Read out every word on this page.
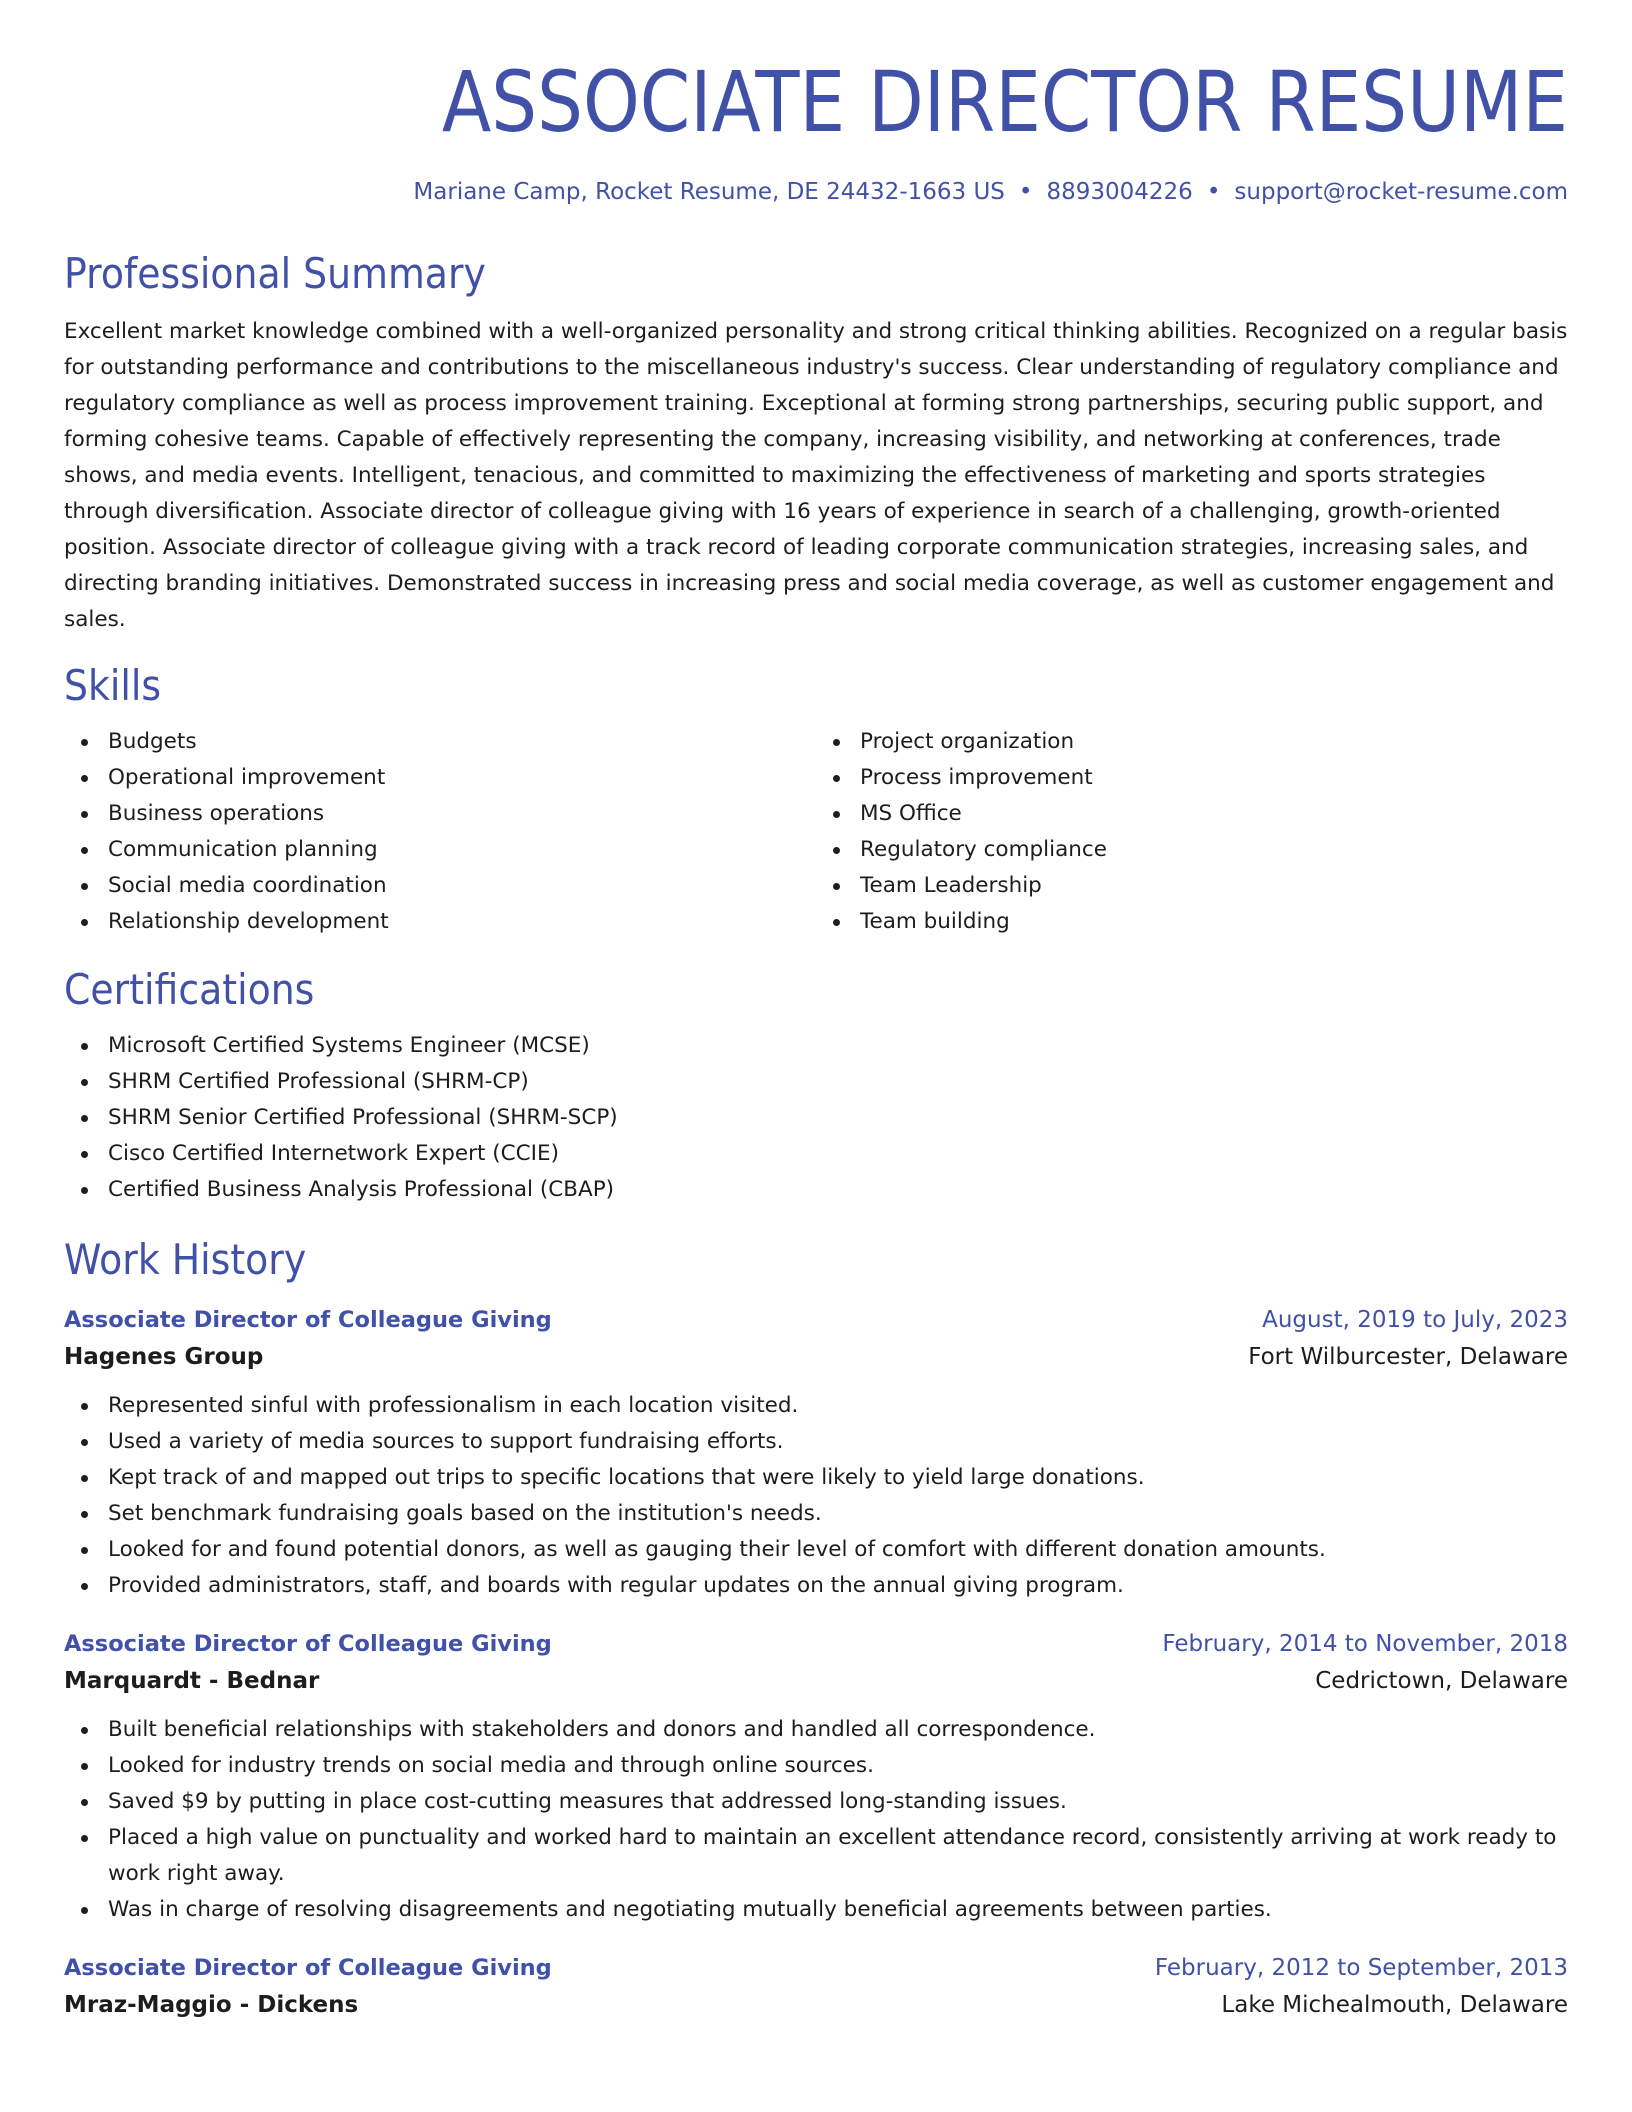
ASSOCIATE DIRECTOR RESUME
Mariane Camp, Rocket Resume, DE 24432-1663 US • 8893004226 • support@rocket-resume.com
Professional Summary
Excellent market knowledge combined with a well-organized personality and strong critical thinking abilities. Recognized on a regular basis for outstanding performance and contributions to the miscellaneous industry's success. Clear understanding of regulatory compliance and regulatory compliance as well as process improvement training. Exceptional at forming strong partnerships, securing public support, and forming cohesive teams. Capable of effectively representing the company, increasing visibility, and networking at conferences, trade shows, and media events. Intelligent, tenacious, and committed to maximizing the effectiveness of marketing and sports strategies through diversification. Associate director of colleague giving with 16 years of experience in search of a challenging, growth-oriented position. Associate director of colleague giving with a track record of leading corporate communication strategies, increasing sales, and directing branding initiatives. Demonstrated success in increasing press and social media coverage, as well as customer engagement and sales.
Skills
Budgets
Operational improvement
Business operations
Communication planning
Social media coordination
Relationship development
Project organization
Process improvement
MS Office
Regulatory compliance
Team Leadership
Team building
Certifications
Microsoft Certified Systems Engineer (MCSE)
SHRM Certified Professional (SHRM-CP)
SHRM Senior Certified Professional (SHRM-SCP)
Cisco Certified Internetwork Expert (CCIE)
Certified Business Analysis Professional (CBAP)
Work History
Associate Director of Colleague Giving	August, 2019 to July, 2023
Hagenes Group	Fort Wilburcester, Delaware
Represented sinful with professionalism in each location visited.
Used a variety of media sources to support fundraising efforts.
Kept track of and mapped out trips to specific locations that were likely to yield large donations.
Set benchmark fundraising goals based on the institution's needs.
Looked for and found potential donors, as well as gauging their level of comfort with different donation amounts.
Provided administrators, staff, and boards with regular updates on the annual giving program.
Associate Director of Colleague Giving	February, 2014 to November, 2018
Marquardt - Bednar	Cedrictown, Delaware
Built beneficial relationships with stakeholders and donors and handled all correspondence.
Looked for industry trends on social media and through online sources.
Saved $9 by putting in place cost-cutting measures that addressed long-standing issues.
Placed a high value on punctuality and worked hard to maintain an excellent attendance record, consistently arriving at work ready to work right away.
Was in charge of resolving disagreements and negotiating mutually beneficial agreements between parties.
Associate Director of Colleague Giving	February, 2012 to September, 2013
Mraz-Maggio - Dickens	Lake Michealmouth, Delaware
